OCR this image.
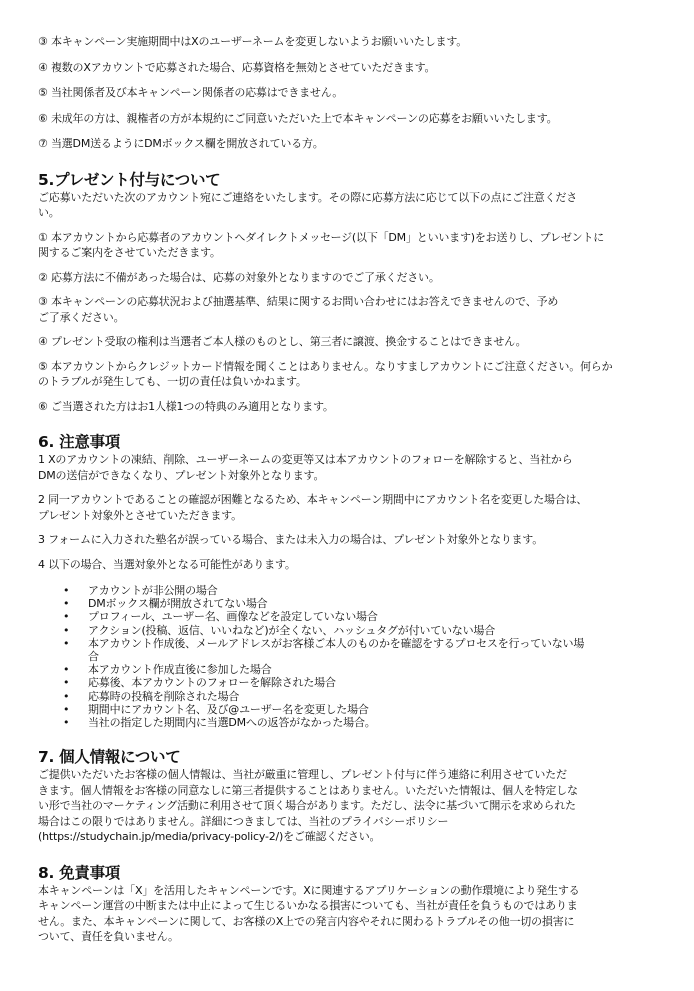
③ 本キャンペーン実施期間中はXのユーザーネームを変更しないようお願いいたします。

④ 複数のXアカウントで応募された場合、応募資格を無効とさせていただきます。

⑤ 当社関係者及び本キャンペーン関係者の応募はできません。

⑥ 未成年の方は、親権者の方が本規約にご同意いただいた上で本キャンペーンの応募をお願いいたします。

⑦ 当選DM送るようにDMボックス欄を開放されている方。

5.プレゼント付与について

ご応募いただいた次のアカウント宛にご連絡をいたします。その際に応募方法に応じて以下の点にご注意くださ

い。

① 本アカウントから応募者のアカウントへダイレクトメッセージ(以下「DM」といいます)をお送りし、プレゼントに

関するご案内をさせていただきます。

② 応募方法に不備があった場合は、応募の対象外となりますのでご了承ください。

③ 本キャンペーンの応募状況および抽選基準、結果に関するお問い合わせにはお答えできませんので、予め

ご了承ください。

④ プレゼント受取の権利は当選者ご本人様のものとし、第三者に譲渡、換金することはできません。

⑤ 本アカウントからクレジットカード情報を聞くことはありません。なりすましアカウントにご注意ください。何らか

のトラブルが発生しても、一切の責任は負いかねます。

⑥ ご当選された方はお1人様1つの特典のみ適用となります。

6. 注意事項

1 Xのアカウントの凍結、削除、ユーザーネームの変更等又は本アカウントのフォローを解除すると、当社から

DMの送信ができなくなり、プレゼント対象外となります。

2 同一アカウントであることの確認が困難となるため、本キャンペーン期間中にアカウント名を変更した場合は、

プレゼント対象外とさせていただきます。

3 フォームに入力された塾名が誤っている場合、または未入力の場合は、プレゼント対象外となります。

4 以下の場合、当選対象外となる可能性があります。

• アカウントが非公開の場合
• DMボックス欄が開放されてない場合
• プロフィール、ユーザー名、画像などを設定していない場合
• アクション(投稿、返信、いいねなど)が全くない、ハッシュタグが付いていない場合
• 本アカウント作成後、メールアドレスがお客様ご本人のものかを確認をするプロセスを行っていない場
合
• 本アカウント作成直後に参加した場合
• 応募後、本アカウントのフォローを解除された場合
• 応募時の投稿を削除された場合
• 期間中にアカウント名、及び@ユーザー名を変更した場合
• 当社の指定した期間内に当選DMへの返答がなかった場合。
7. 個人情報について

ご提供いただいたお客様の個人情報は、当社が厳重に管理し、プレゼント付与に伴う連絡に利用させていただ

きます。個人情報をお客様の同意なしに第三者提供することはありません。いただいた情報は、個人を特定しな

い形で当社のマーケティング活動に利用させて頂く場合があります。ただし、法令に基づいて開示を求められた

場合はこの限りではありません。詳細につきましては、当社のプライバシーポリシー

(https://studychain.jp/media/privacy-policy-2/)をご確認ください。

8. 免責事項

本キャンペーンは「X」を活用したキャンペーンです。Xに関連するアプリケーションの動作環境により発生する

キャンペーン運営の中断または中止によって生じるいかなる損害についても、当社が責任を負うものではありま

せん。また、本キャンペーンに関して、お客様のX上での発言内容やそれに関わるトラブルその他一切の損害に

ついて、責任を負いません。
